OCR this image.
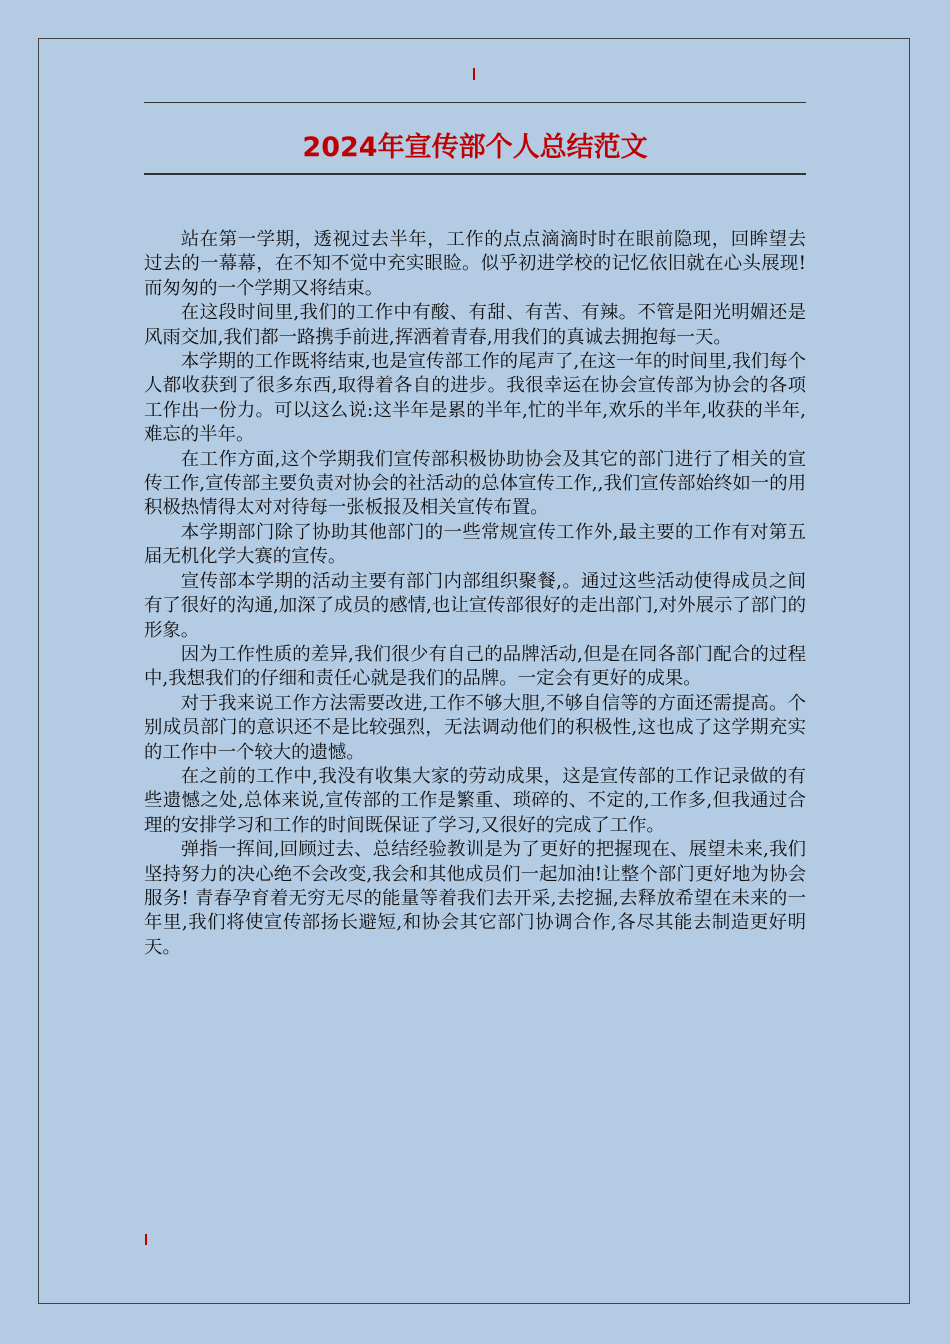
2024年宣传部个人总结范文

站在第一学期，透视过去半年，工作的点点滴滴时时在眼前隐现，回眸望去过去的一幕幕，在不知不觉中充实眼睑。似乎初进学校的记忆依旧就在心头展现!而匆匆的一个学期又将结束。

在这段时间里,我们的工作中有酸、有甜、有苦、有辣。不管是阳光明媚还是风雨交加,我们都一路携手前进,挥洒着青春,用我们的真诚去拥抱每一天。

本学期的工作既将结束,也是宣传部工作的尾声了,在这一年的时间里,我们每个人都收获到了很多东西,取得着各自的进步。我很幸运在协会宣传部为协会的各项工作出一份力。可以这么说:这半年是累的半年,忙的半年,欢乐的半年,收获的半年,难忘的半年。

在工作方面,这个学期我们宣传部积极协助协会及其它的部门进行了相关的宣传工作,宣传部主要负责对协会的社活动的总体宣传工作,,我们宣传部始终如一的用积极热情得太对对待每一张板报及相关宣传布置。

本学期部门除了协助其他部门的一些常规宣传工作外,最主要的工作有对第五届无机化学大赛的宣传。

宣传部本学期的活动主要有部门内部组织聚餐,。通过这些活动使得成员之间有了很好的沟通,加深了成员的感情,也让宣传部很好的走出部门,对外展示了部门的形象。

因为工作性质的差异,我们很少有自己的品牌活动,但是在同各部门配合的过程中,我想我们的仔细和责任心就是我们的品牌。一定会有更好的成果。

对于我来说工作方法需要改进,工作不够大胆,不够自信等的方面还需提高。个别成员部门的意识还不是比较强烈，无法调动他们的积极性,这也成了这学期充实的工作中一个较大的遗憾。

在之前的工作中,我没有收集大家的劳动成果，这是宣传部的工作记录做的有些遗憾之处,总体来说,宣传部的工作是繁重、琐碎的、不定的,工作多,但我通过合理的安排学习和工作的时间既保证了学习,又很好的完成了工作。

弹指一挥间,回顾过去、总结经验教训是为了更好的把握现在、展望未来,我们坚持努力的决心绝不会改变,我会和其他成员们一起加油!让整个部门更好地为协会服务! 青春孕育着无穷无尽的能量等着我们去开采,去挖掘,去释放希望在未来的一年里,我们将使宣传部扬长避短,和协会其它部门协调合作,各尽其能去制造更好明天。
